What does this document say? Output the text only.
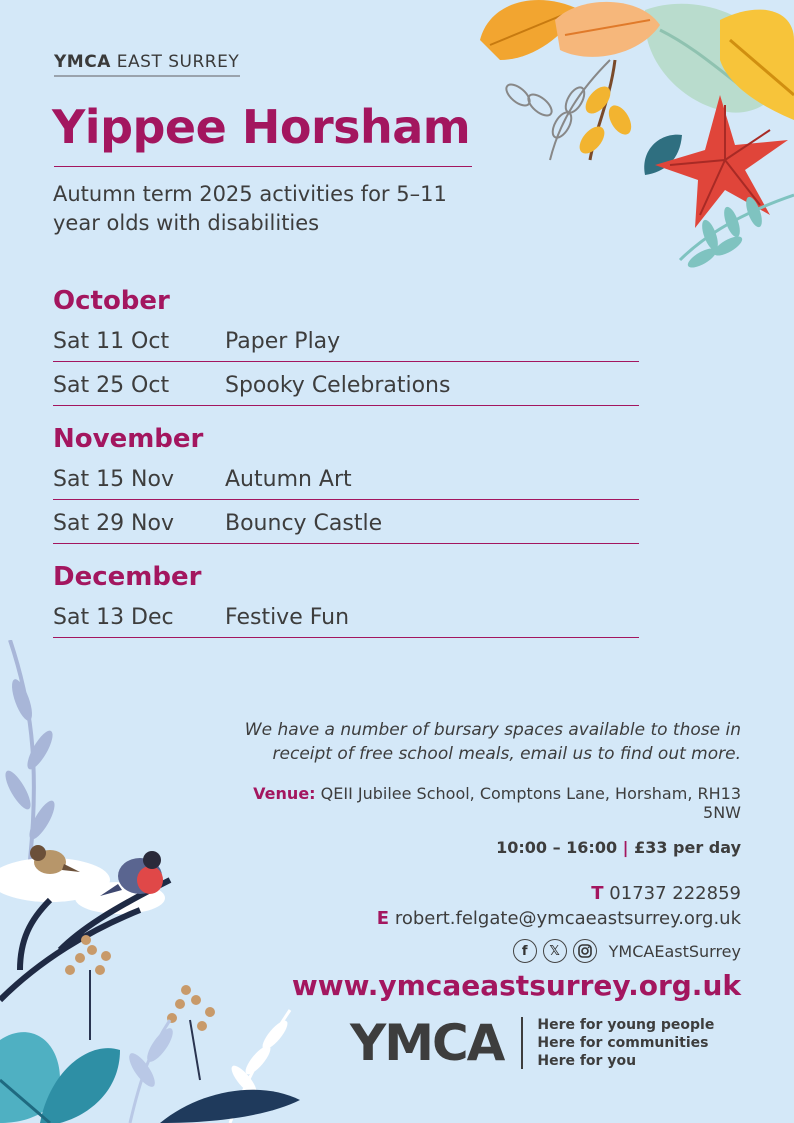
YMCA EAST SURREY
Yippee Horsham
Autumn term 2025 activities for 5–11 year olds with disabilities
October
Sat 11 Oct	Paper Play
Sat 25 Oct	Spooky Celebrations
November
Sat 15 Nov	Autumn Art
Sat 29 Nov	Bouncy Castle
December
Sat 13 Dec	Festive Fun
We have a number of bursary spaces available to those in receipt of free school meals, email us to find out more.
Venue: QEII Jubilee School, Comptons Lane, Horsham, RH13 5NW
10:00 – 16:00 | £33 per day
T 01737 222859
E robert.felgate@ymcaeastsurrey.org.uk
f	𝕏	YMCAEastSurrey
www.ymcaeastsurrey.org.uk
YMCA Here for young people
Here for communities
Here for you
